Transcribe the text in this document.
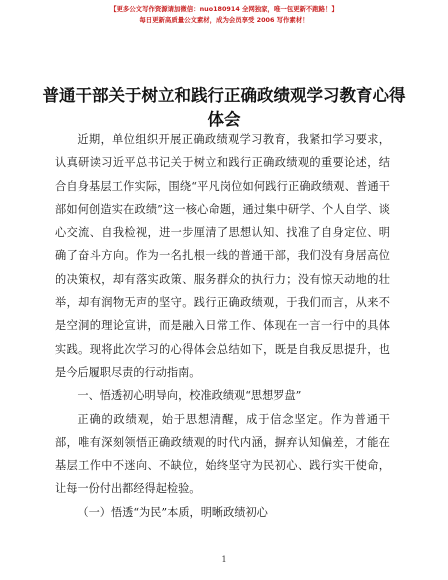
【更多公文写作资源请加微信：nuo180914 全网独家，唯一包更新不跑路！】
每日更新高质量公文素材，成为会员享受 2006 写作素材！
普通干部关于树立和践行正确政绩观学习教育心得体会

近期，单位组织开展正确政绩观学习教育，我紧扣学习要求，认真研读习近平总书记关于树立和践行正确政绩观的重要论述，结合自身基层工作实际，围绕“平凡岗位如何践行正确政绩观、普通干部如何创造实在政绩”这一核心命题，通过集中研学、个人自学、谈心交流、自我检视，进一步厘清了思想认知、找准了自身定位、明确了奋斗方向。作为一名扎根一线的普通干部，我们没有身居高位的决策权，却有落实政策、服务群众的执行力；没有惊天动地的壮举，却有润物无声的坚守。践行正确政绩观，于我们而言，从来不是空洞的理论宣讲，而是融入日常工作、体现在一言一行中的具体实践。现将此次学习的心得体会总结如下，既是自我反思提升，也是今后履职尽责的行动指南。

一、悟透初心明导向，校准政绩观“思想罗盘”

正确的政绩观，始于思想清醒，成于信念坚定。作为普通干部，唯有深刻领悟正确政绩观的时代内涵，摒弃认知偏差，才能在基层工作中不迷向、不缺位，始终坚守为民初心、践行实干使命，让每一份付出都经得起检验。

（一）悟透“为民”本质，明晰政绩初心

1
